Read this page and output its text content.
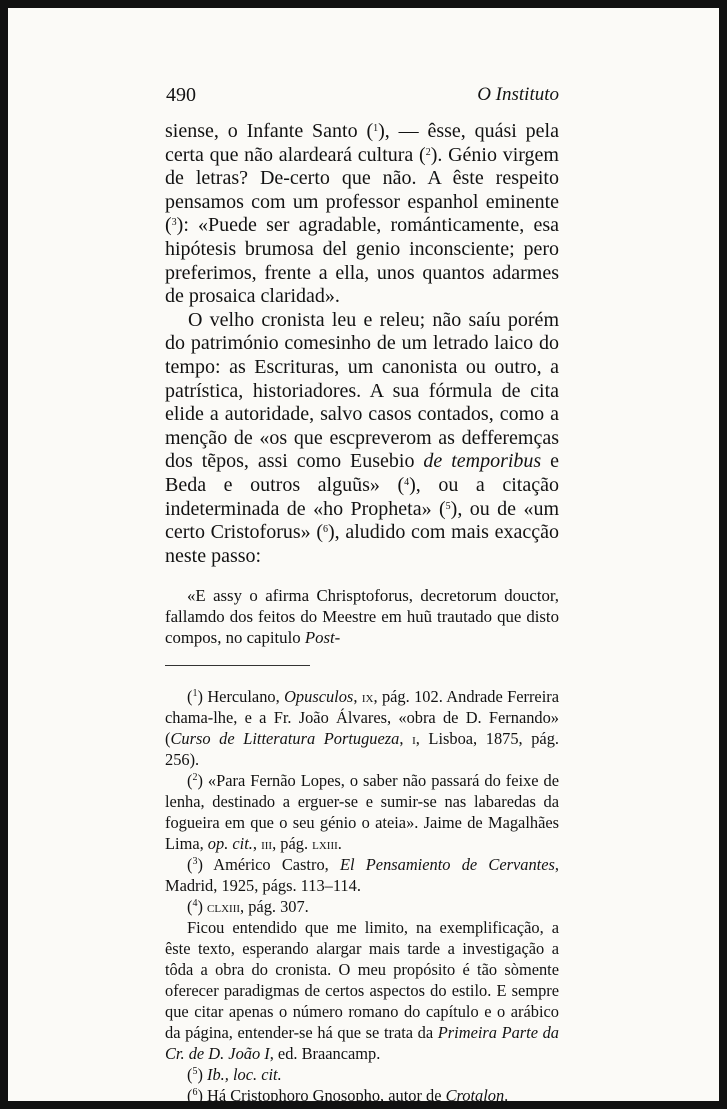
490	O Instituto

siense, o Infante Santo ($^1$), — êsse, quási pela certa que não alardeará cultura ($^2$). Génio virgem de letras? De-certo que não. A êste respeito pensamos com um professor espanhol eminente ($^3$): «Puede ser agradable, románticamente, esa hipótesis brumosa del genio inconsciente; pero preferimos, frente a ella, unos quantos adarmes de prosaica claridad».

O velho cronista leu e releu; não saíu porém do património comesinho de um letrado laico do tempo: as Escrituras, um canonista ou outro, a patrística, historiadores. A sua fórmula de cita elide a autoridade, salvo casos contados, como a menção de «os que escpreverom as defferemças dos tẽpos, assi como Eusebio de temporibus e Beda e outros alguũs» ($^4$), ou a citação indeterminada de «ho Propheta» ($^5$), ou de «um certo Cristoforus» ($^6$), aludido com mais exacção neste passo:

«E assy o afirma Chrisptoforus, decretorum douctor, fallamdo dos feitos do Meestre em huũ trautado que disto compos, no capitulo Post-

($^1$) Herculano, Opusculos, ix, pág. 102. Andrade Ferreira chama-lhe, e a Fr. João Álvares, «obra de D. Fernando» (Curso de Litteratura Portugueza, i, Lisboa, 1875, pág. 256).

($^2$) «Para Fernão Lopes, o saber não passará do feixe de lenha, destinado a erguer-se e sumir-se nas labaredas da fogueira em que o seu génio o ateia». Jaime de Magalhães Lima, op. cit., iii, pág. lxiii.

($^3$) Américo Castro, El Pensamiento de Cervantes, Madrid, 1925, págs. 113–114.

($^4$) clxiii, pág. 307.

Ficou entendido que me limito, na exemplificação, a êste texto, esperando alargar mais tarde a investigação a tôda a obra do cronista. O meu propósito é tão sòmente oferecer paradigmas de certos aspectos do estilo. E sempre que citar apenas o número romano do capítulo e o arábico da página, entender-se há que se trata da Primeira Parte da Cr. de D. João I, ed. Braancamp.

($^5$) Ib., loc. cit.

($^6$) Há Cristophoro Gnosopho, autor de Crotalon.
